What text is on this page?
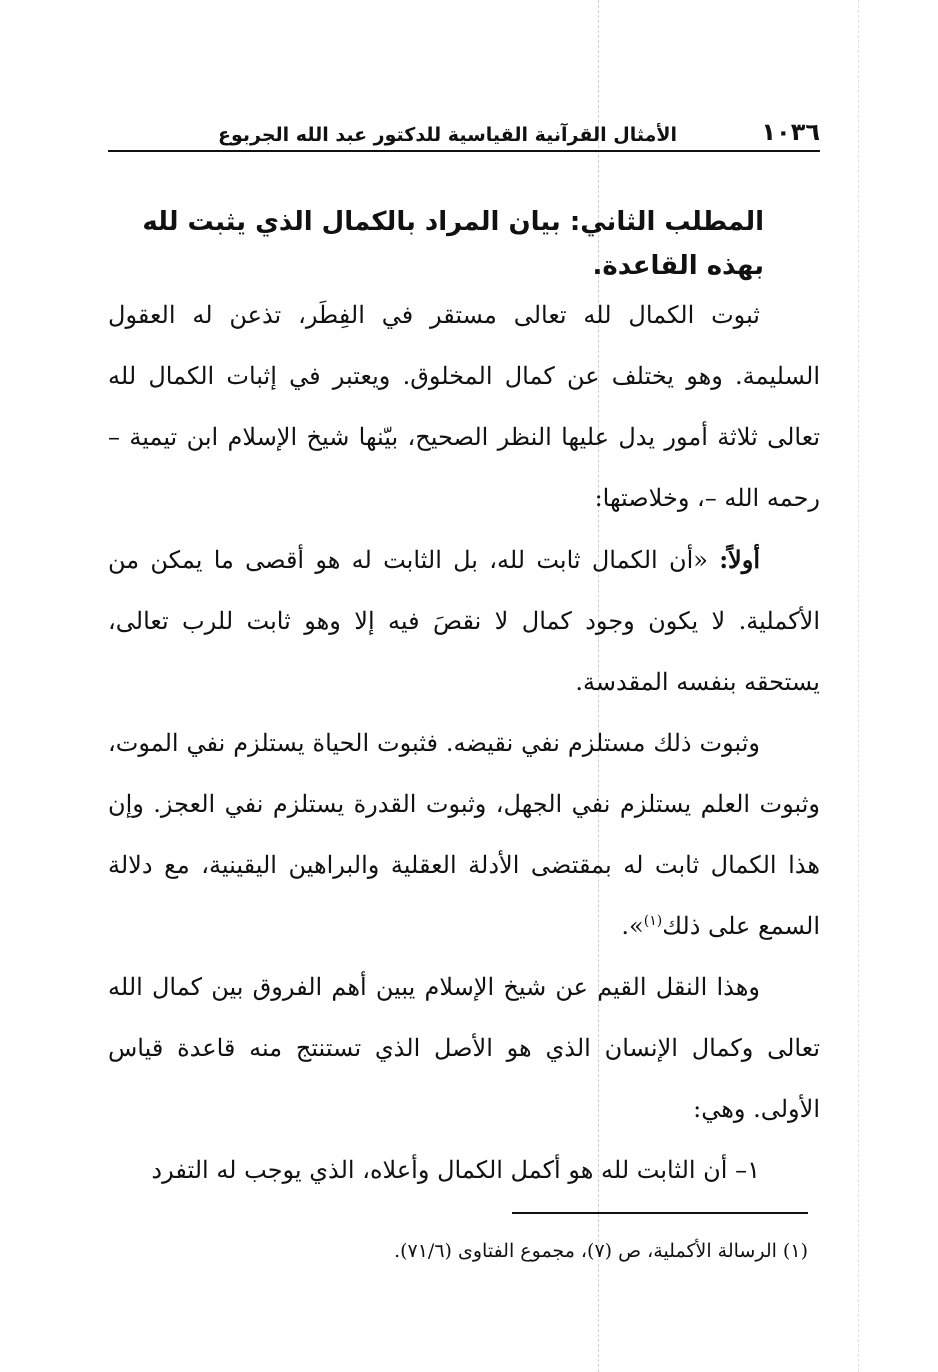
١٠٣٦
الأمثال القرآنية القياسية للدكتور عبد الله الجربوع
المطلب الثاني: بيان المراد بالكمال الذي يثبت لله بهذه القاعدة.

ثبوت الكمال لله تعالى مستقر في الفِطَر، تذعن له العقول السليمة. وهو يختلف عن كمال المخلوق. ويعتبر في إثبات الكمال لله تعالى ثلاثة أمور يدل عليها النظر الصحيح، بيّنها شيخ الإسلام ابن تيمية – رحمه الله –، وخلاصتها:

أولاً: «أن الكمال ثابت لله، بل الثابت له هو أقصى ما يمكن من الأكملية. لا يكون وجود كمال لا نقصَ فيه إلا وهو ثابت للرب تعالى، يستحقه بنفسه المقدسة.

وثبوت ذلك مستلزم نفي نقيضه. فثبوت الحياة يستلزم نفي الموت، وثبوت العلم يستلزم نفي الجهل، وثبوت القدرة يستلزم نفي العجز. وإن هذا الكمال ثابت له بمقتضى الأدلة العقلية والبراهين اليقينية، مع دلالة السمع على ذلك$^{(١)}$».

وهذا النقل القيم عن شيخ الإسلام يبين أهم الفروق بين كمال الله تعالى وكمال الإنسان الذي هو الأصل الذي تستنتج منه قاعدة قياس الأولى. وهي:

١– أن الثابت لله هو أكمل الكمال وأعلاه، الذي يوجب له التفرد

(١) الرسالة الأكملية، ص (٧)، مجموع الفتاوى (٧١/٦).
